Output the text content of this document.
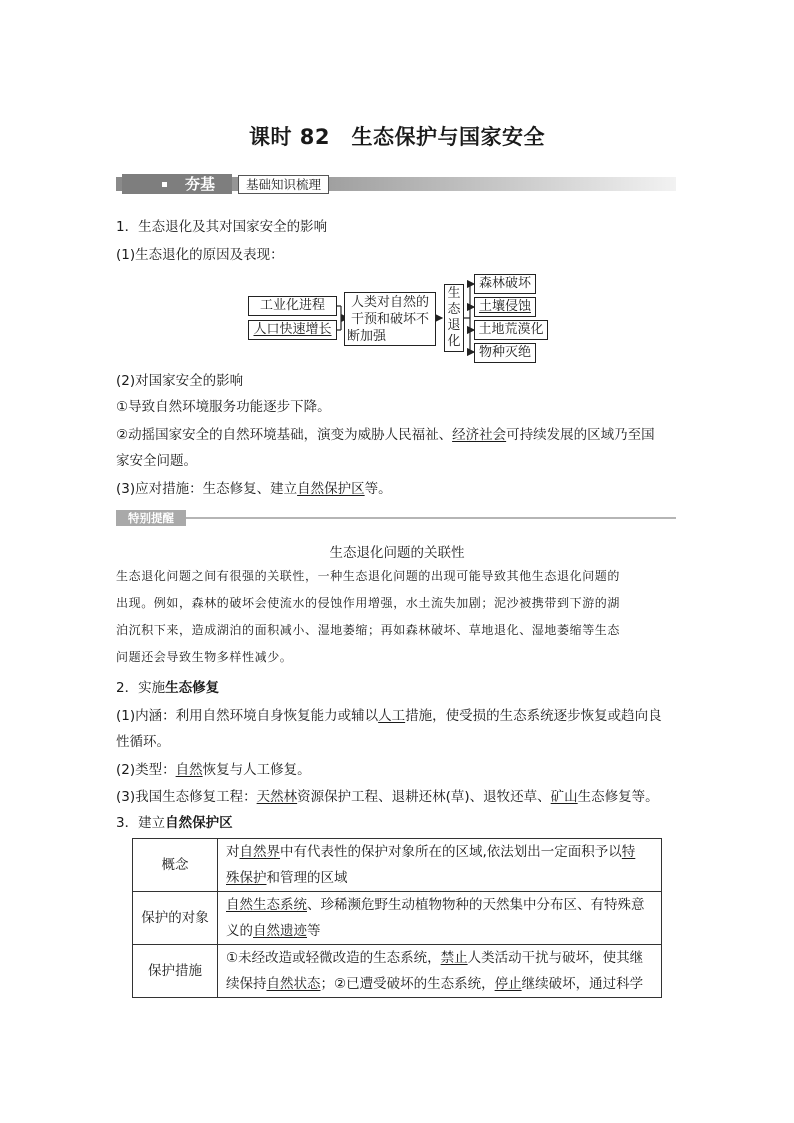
课时 82　生态保护与国家安全
夯基	基础知识梳理
1．生态退化及其对国家安全的影响
(1)生态退化的原因及表现：
工业化进程
人口快速增长
人类对自然的
干预和破坏不
断加强
生
态
退
化
森林破坏
土壤侵蚀
土地荒漠化
物种灭绝
(2)对国家安全的影响
①导致自然环境服务功能逐步下降。
②动摇国家安全的自然环境基础，演变为威胁人民福祉、经济社会可持续发展的区域乃至国
家安全问题。
(3)应对措施：生态修复、建立自然保护区等。
特别提醒
生态退化问题的关联性
生态退化问题之间有很强的关联性，一种生态退化问题的出现可能导致其他生态退化问题的
出现。例如，森林的破坏会使流水的侵蚀作用增强，水土流失加剧；泥沙被携带到下游的湖
泊沉积下来，造成湖泊的面积减小、湿地萎缩；再如森林破坏、草地退化、湿地萎缩等生态
问题还会导致生物多样性减少。
2．实施生态修复
(1)内涵：利用自然环境自身恢复能力或辅以人工措施，使受损的生态系统逐步恢复或趋向良
性循环。
(2)类型：自然恢复与人工修复。
(3)我国生态修复工程：天然林资源保护工程、退耕还林(草)、退牧还草、矿山生态修复等。
3．建立自然保护区
概念	对自然界中有代表性的保护对象所在的区域,依法划出一定面积予以特
殊保护和管理的区域

保护的对象	自然生态系统、珍稀濒危野生动植物物种的天然集中分布区、有特殊意
义的自然遗迹等

保护措施	①未经改造或轻微改造的生态系统，禁止人类活动干扰与破坏，使其继
续保持自然状态；②已遭受破坏的生态系统，停止继续破坏，通过科学
